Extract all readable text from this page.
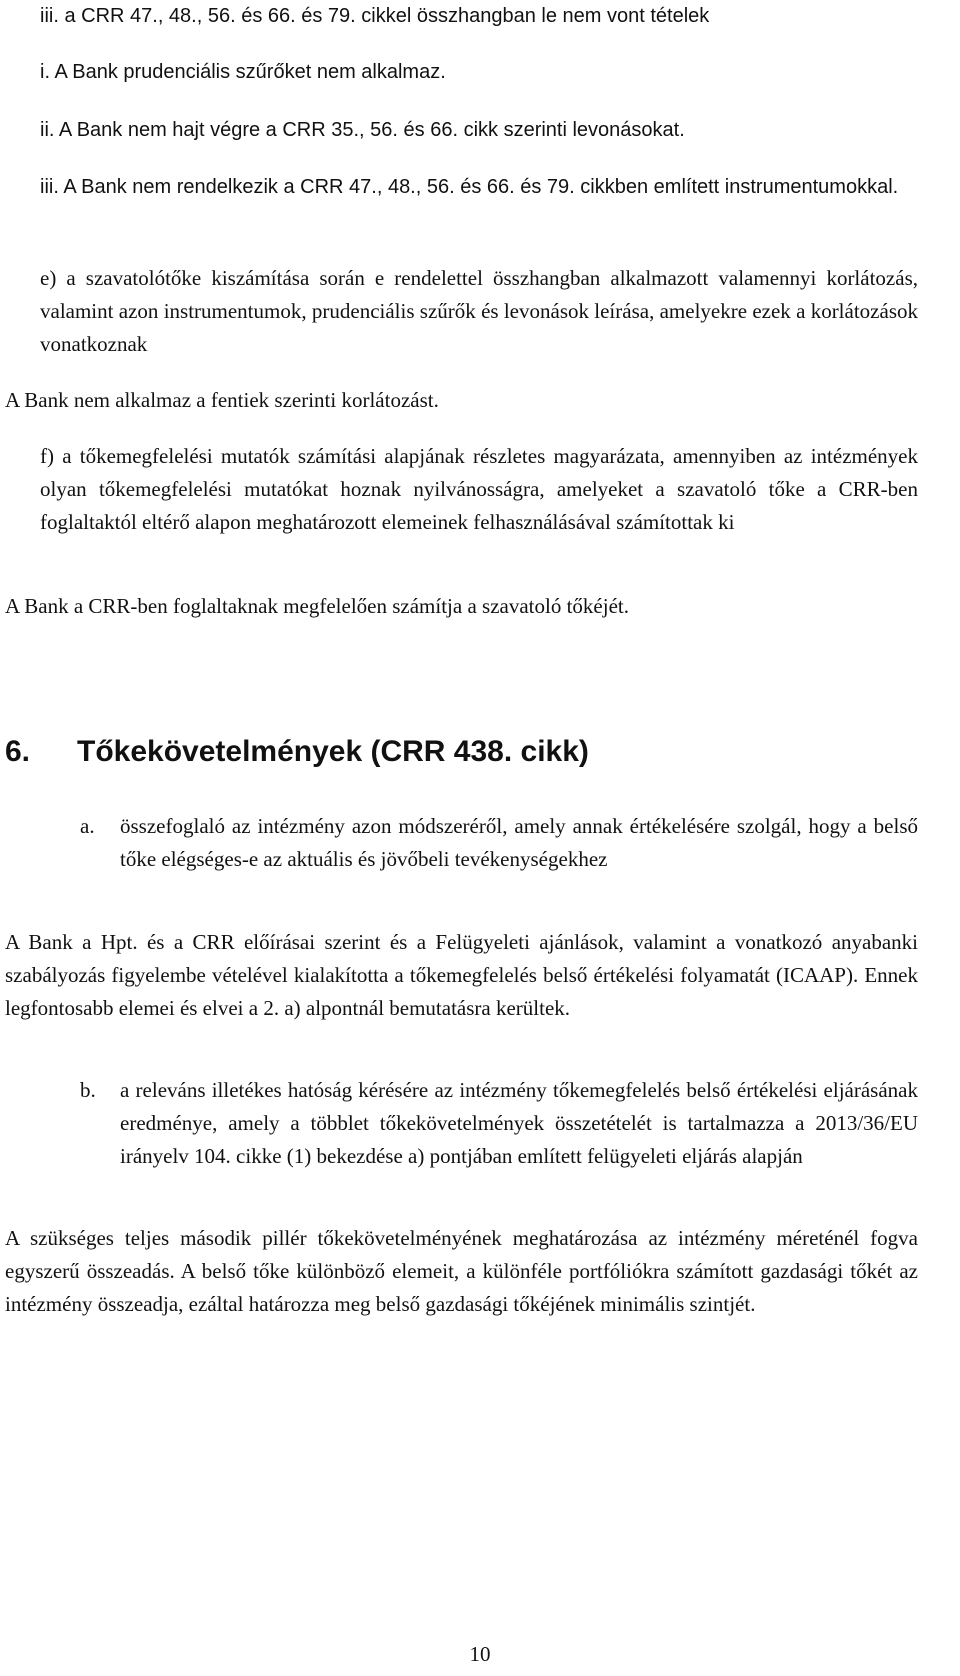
iii. a CRR 47., 48., 56. és 66. és 79. cikkel összhangban le nem vont tételek

i. A Bank prudenciális szűrőket nem alkalmaz.

ii. A Bank nem hajt végre a CRR 35., 56. és 66. cikk szerinti levonásokat.

iii. A Bank nem rendelkezik a CRR 47., 48., 56. és 66. és 79. cikkben említett instrumentumokkal.

e) a szavatolótőke kiszámítása során e rendelettel összhangban alkalmazott valamennyi korlátozás, valamint azon instrumentumok, prudenciális szűrők és levonások leírása, amelyekre ezek a korlátozások vonatkoznak

A Bank nem alkalmaz a fentiek szerinti korlátozást.

f) a tőkemegfelelési mutatók számítási alapjának részletes magyarázata, amennyiben az intézmények olyan tőkemegfelelési mutatókat hoznak nyilvánosságra, amelyeket a szavatoló tőke a CRR-ben foglaltaktól eltérő alapon meghatározott elemeinek felhasználásával számítottak ki

A Bank a CRR-ben foglaltaknak megfelelően számítja a szavatoló tőkéjét.

6. Tőkekövetelmények (CRR 438. cikk)
a.	összefoglaló az intézmény azon módszeréről, amely annak értékelésére szolgál, hogy a belső tőke elégséges-e az aktuális és jövőbeli tevékenységekhez

A Bank a Hpt. és a CRR előírásai szerint és a Felügyeleti ajánlások, valamint a vonatkozó anyabanki szabályozás figyelembe vételével kialakította a tőkemegfelelés belső értékelési folyamatát (ICAAP). Ennek legfontosabb elemei és elvei a 2. a) alpontnál bemutatásra kerültek.

b.	a releváns illetékes hatóság kérésére az intézmény tőkemegfelelés belső értékelési eljárásának eredménye, amely a többlet tőkekövetelmények összetételét is tartalmazza a 2013/36/EU irányelv 104. cikke (1) bekezdése a) pontjában említett felügyeleti eljárás alapján

A szükséges teljes második pillér tőkekövetelményének meghatározása az intézmény méreténél fogva egyszerű összeadás. A belső tőke különböző elemeit, a különféle portfóliókra számított gazdasági tőkét az intézmény összeadja, ezáltal határozza meg belső gazdasági tőkéjének minimális szintjét.

10
